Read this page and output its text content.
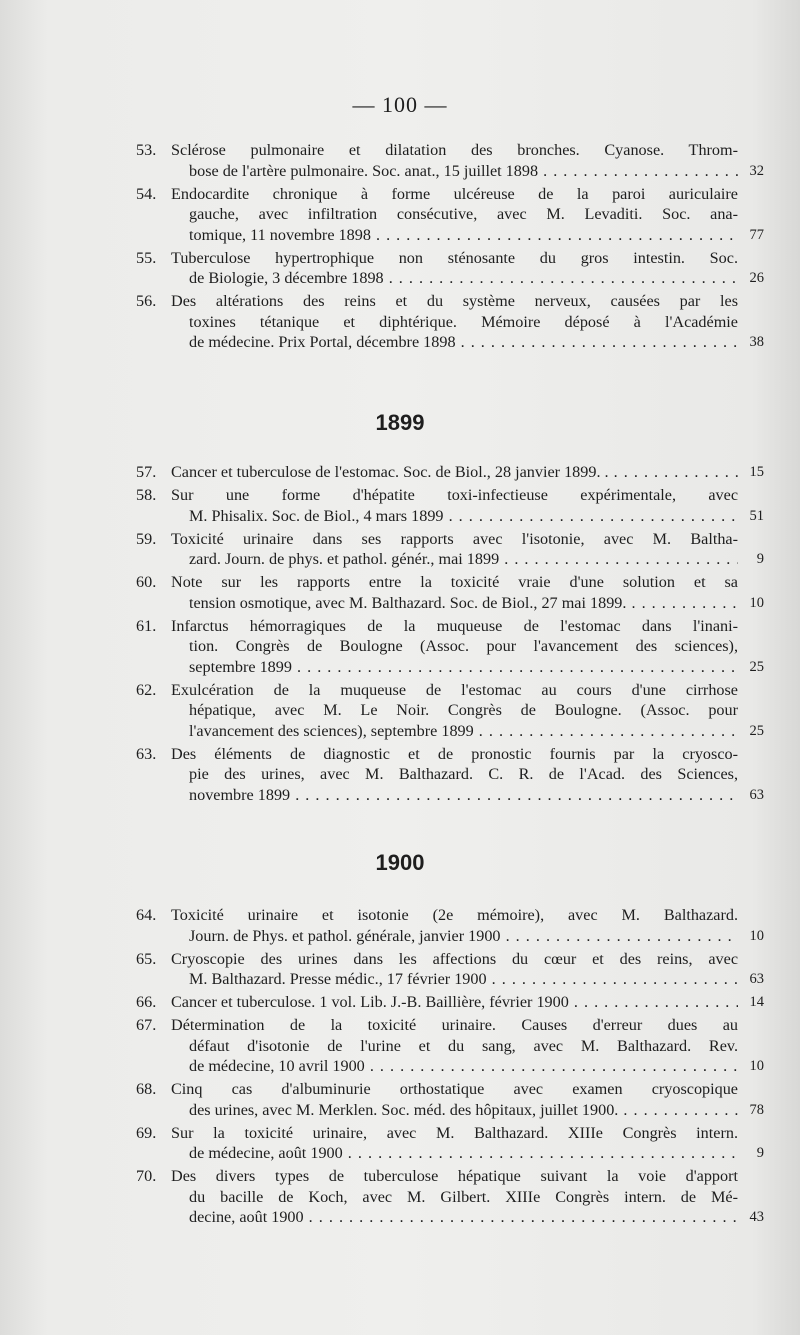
— 100 —
53. Sclérose pulmonaire et dilatation des bronches. Cyanose. Throm-
bose de l'artère pulmonaire. Soc. anat., 15 juillet 1898 . . .	32
54. Endocardite chronique à forme ulcéreuse de la paroi auriculaire
gauche, avec infiltration consécutive, avec M. Levaditi. Soc. ana-
tomique, 11 novembre 1898 . . .	77
55. Tuberculose hypertrophique non sténosante du gros intestin. Soc.
de Biologie, 3 décembre 1898 . . .	26
56. Des altérations des reins et du système nerveux, causées par les
toxines tétanique et diphtérique. Mémoire déposé à l'Académie
de médecine. Prix Portal, décembre 1898 . . .	38
1899
57. Cancer et tuberculose de l'estomac. Soc. de Biol., 28 janvier 1899. . . . .	15
58. Sur une forme d'hépatite toxi-infectieuse expérimentale, avec
M. Phisalix. Soc. de Biol., 4 mars 1899 . . .	51
59. Toxicité urinaire dans ses rapports avec l'isotonie, avec M. Baltha-
zard. Journ. de phys. et pathol. génér., mai 1899 . . .	9
60. Note sur les rapports entre la toxicité vraie d'une solution et sa
tension osmotique, avec M. Balthazard. Soc. de Biol., 27 mai 1899. . . .	10
61. Infarctus hémorragiques de la muqueuse de l'estomac dans l'inani-
tion. Congrès de Boulogne (Assoc. pour l'avancement des sciences),
septembre 1899 . . .	25
62. Exulcération de la muqueuse de l'estomac au cours d'une cirrhose
hépatique, avec M. Le Noir. Congrès de Boulogne. (Assoc. pour
l'avancement des sciences), septembre 1899 . . .	25
63. Des éléments de diagnostic et de pronostic fournis par la cryosco-
pie des urines, avec M. Balthazard. C. R. de l'Acad. des Sciences,
novembre 1899 . . .	63
1900
64. Toxicité urinaire et isotonie (2e mémoire), avec M. Balthazard.
Journ. de Phys. et pathol. générale, janvier 1900 . . .	10
65. Cryoscopie des urines dans les affections du cœur et des reins, avec
M. Balthazard. Presse médic., 17 février 1900 . . .	63
66. Cancer et tuberculose. 1 vol. Lib. J.-B. Baillière, février 1900 . . .	14
67. Détermination de la toxicité urinaire. Causes d'erreur dues au
défaut d'isotonie de l'urine et du sang, avec M. Balthazard. Rev.
de médecine, 10 avril 1900 . . .	10
68. Cinq cas d'albuminurie orthostatique avec examen cryoscopique
des urines, avec M. Merklen. Soc. méd. des hôpitaux, juillet 1900. . . .	78
69. Sur la toxicité urinaire, avec M. Balthazard. XIIIe Congrès intern.
de médecine, août 1900 . . .	9
70. Des divers types de tuberculose hépatique suivant la voie d'apport
du bacille de Koch, avec M. Gilbert. XIIIe Congrès intern. de Mé-
decine, août 1900 . . .	43
